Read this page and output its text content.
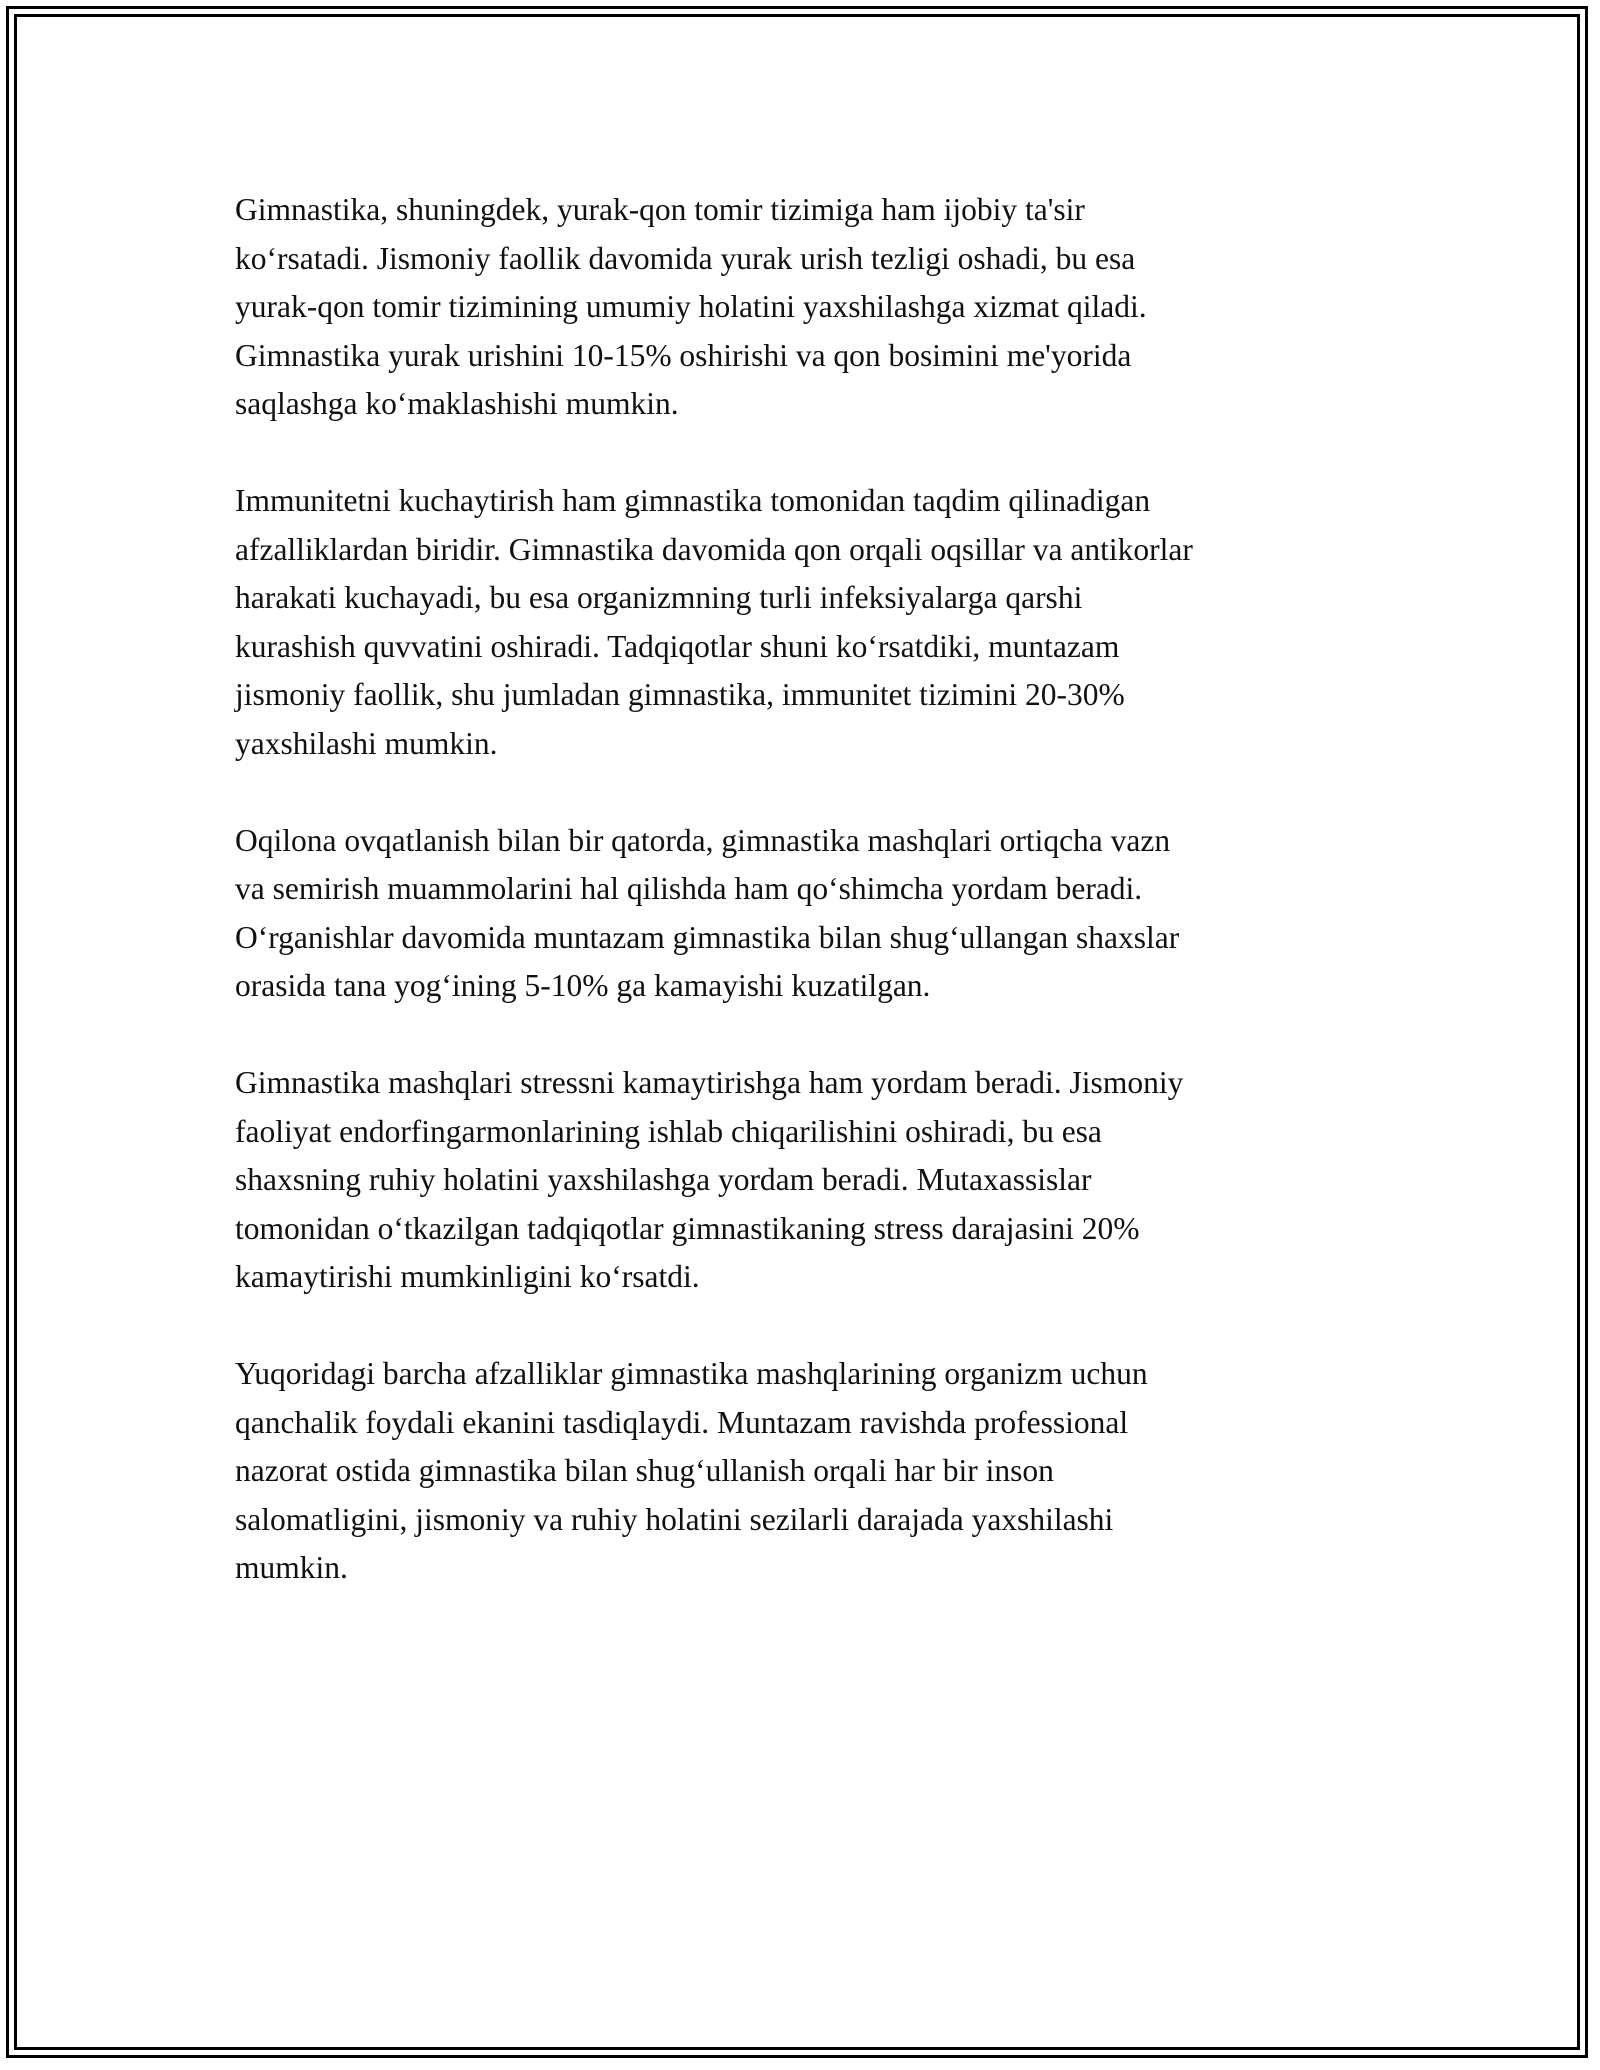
Gimnastika, shuningdek, yurak-qon tomir tizimiga ham ijobiy ta'sir
ko‘rsatadi. Jismoniy faollik davomida yurak urish tezligi oshadi, bu esa
yurak-qon tomir tizimining umumiy holatini yaxshilashga xizmat qiladi.
Gimnastika yurak urishini 10-15% oshirishi va qon bosimini me'yorida
saqlashga ko‘maklashishi mumkin.

Immunitetni kuchaytirish ham gimnastika tomonidan taqdim qilinadigan
afzalliklardan biridir. Gimnastika davomida qon orqali oqsillar va antikorlar
harakati kuchayadi, bu esa organizmning turli infeksiyalarga qarshi
kurashish quvvatini oshiradi. Tadqiqotlar shuni ko‘rsatdiki, muntazam
jismoniy faollik, shu jumladan gimnastika, immunitet tizimini 20-30%
yaxshilashi mumkin.

Oqilona ovqatlanish bilan bir qatorda, gimnastika mashqlari ortiqcha vazn
va semirish muammolarini hal qilishda ham qo‘shimcha yordam beradi.
O‘rganishlar davomida muntazam gimnastika bilan shug‘ullangan shaxslar
orasida tana yog‘ining 5-10% ga kamayishi kuzatilgan.

Gimnastika mashqlari stressni kamaytirishga ham yordam beradi. Jismoniy
faoliyat endorfingarmonlarining ishlab chiqarilishini oshiradi, bu esa
shaxsning ruhiy holatini yaxshilashga yordam beradi. Mutaxassislar
tomonidan o‘tkazilgan tadqiqotlar gimnastikaning stress darajasini 20%
kamaytirishi mumkinligini ko‘rsatdi.

Yuqoridagi barcha afzalliklar gimnastika mashqlarining organizm uchun
qanchalik foydali ekanini tasdiqlaydi. Muntazam ravishda professional
nazorat ostida gimnastika bilan shug‘ullanish orqali har bir inson
salomatligini, jismoniy va ruhiy holatini sezilarli darajada yaxshilashi
mumkin.
